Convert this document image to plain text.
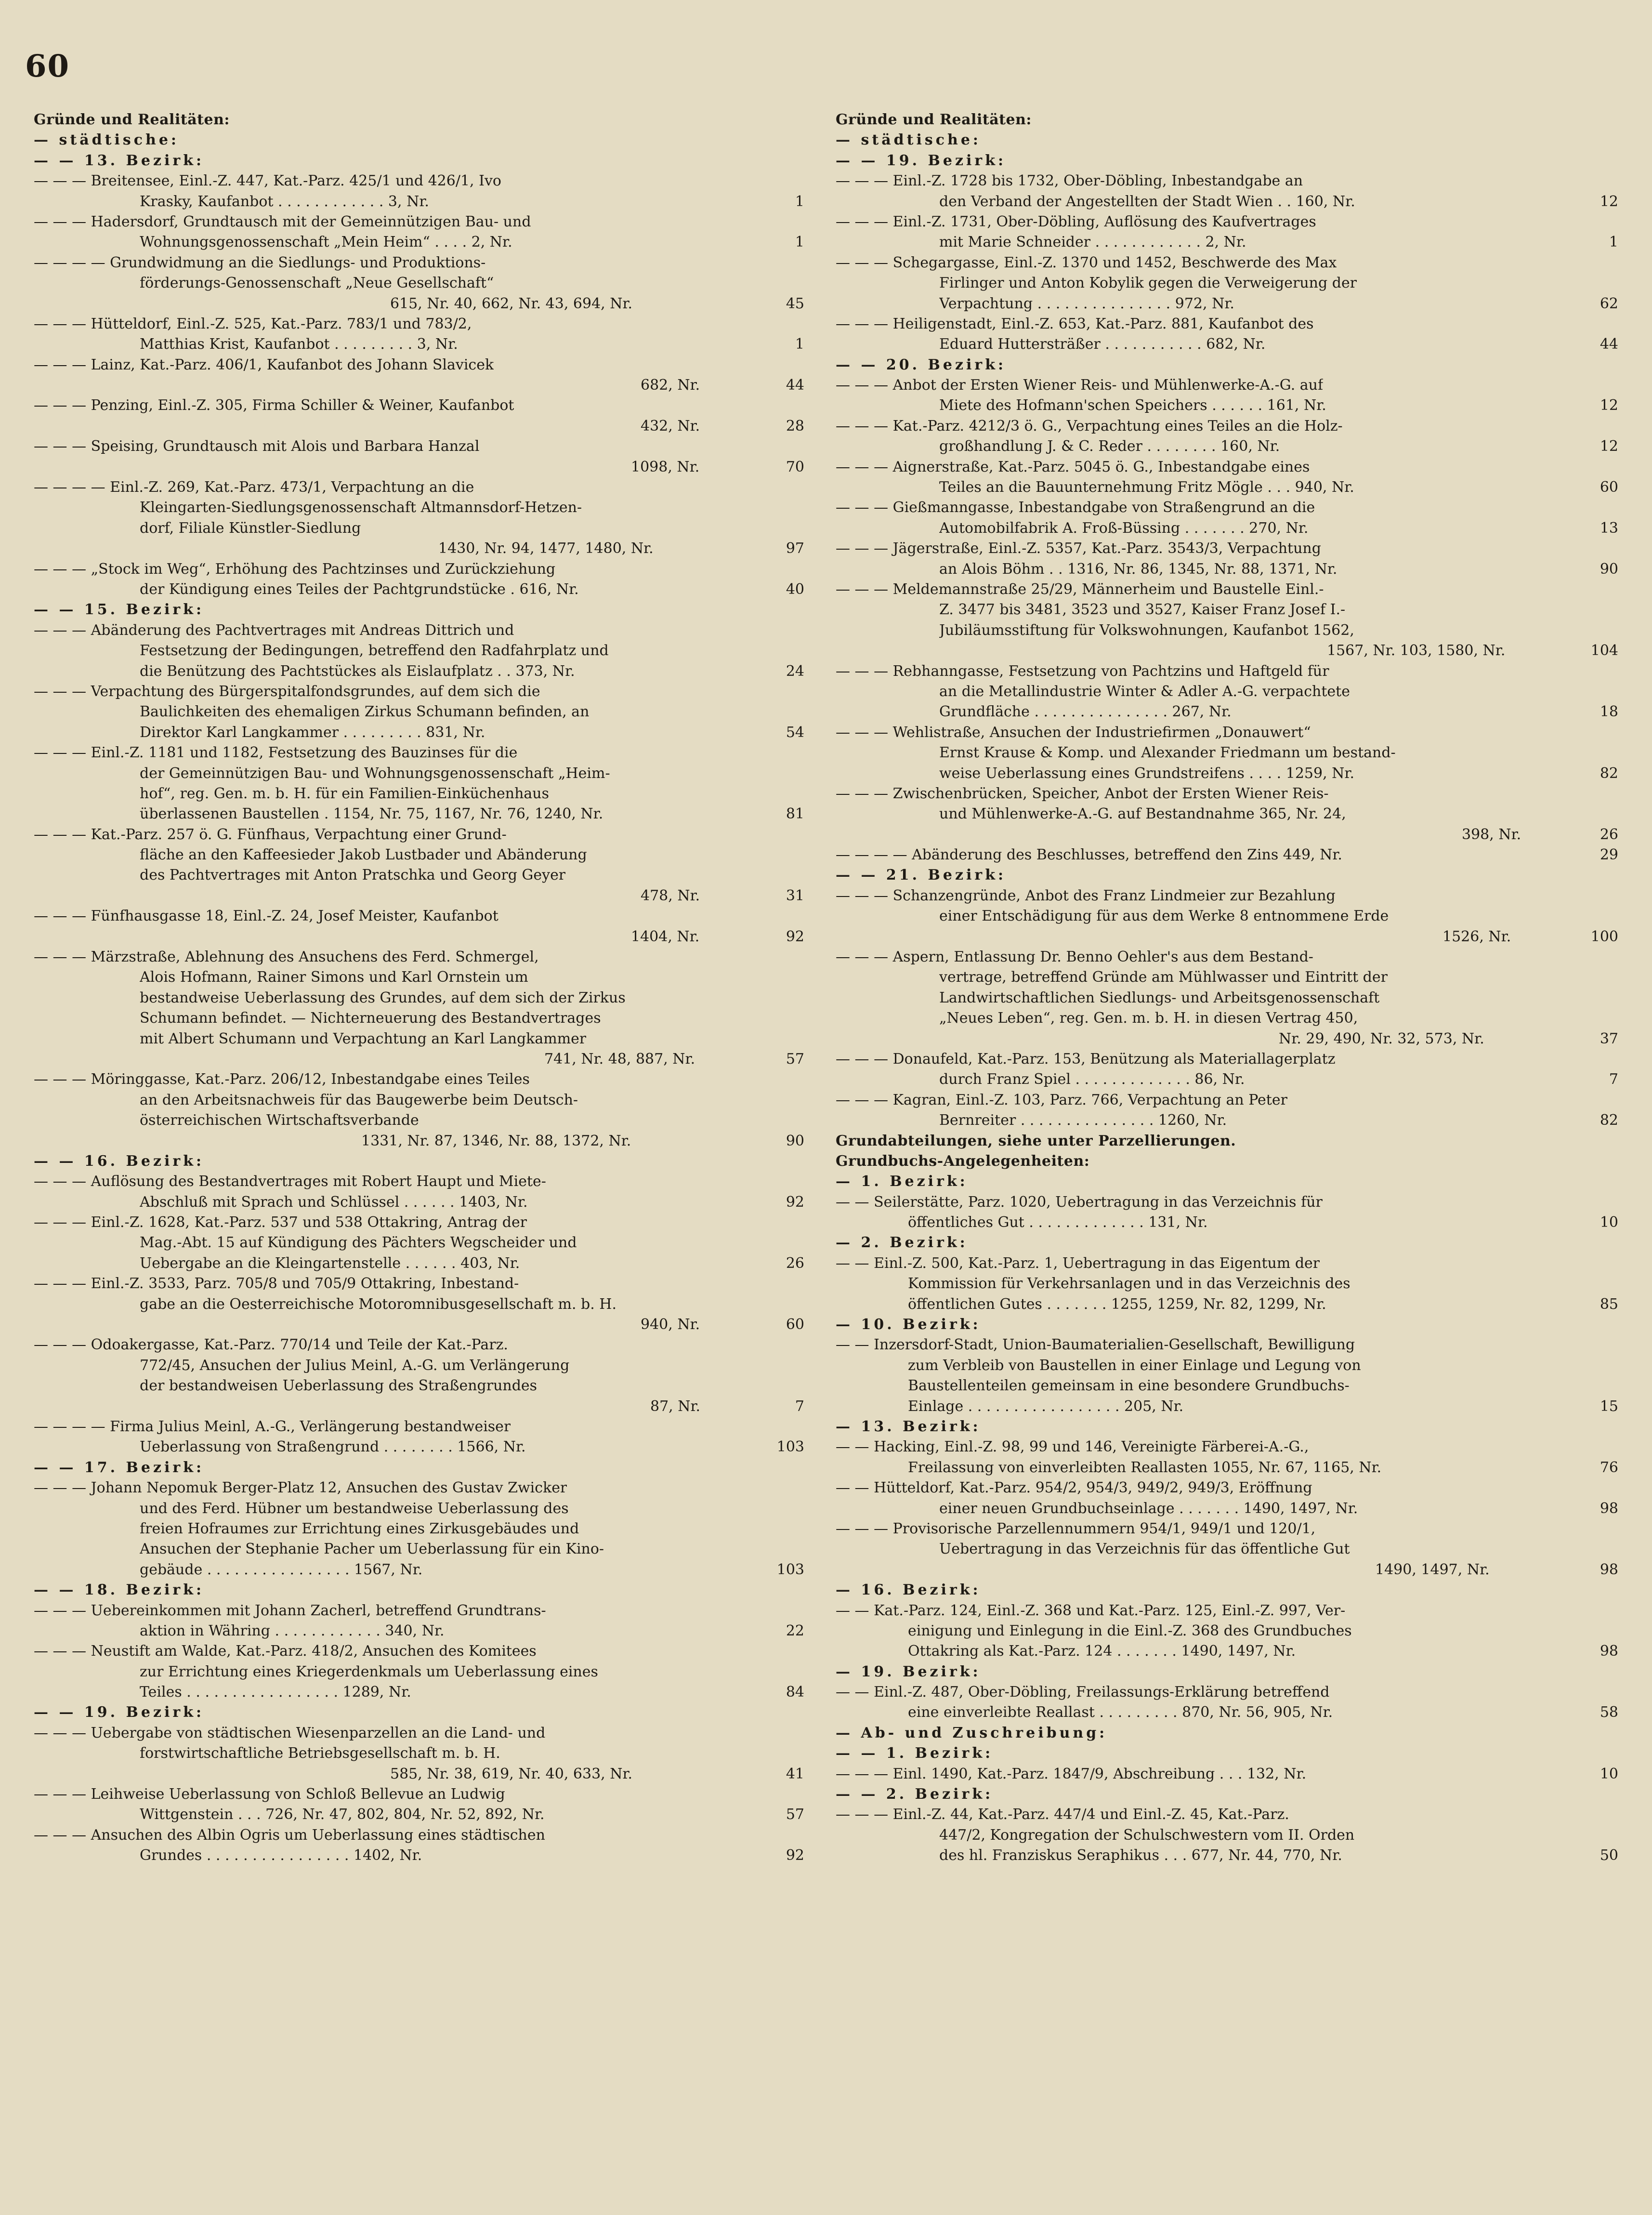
60
Gründe und Realitäten:
— städtische:
— — 13. Bezirk:
— — — Breitensee, Einl.-Z. 447, Kat.-Parz. 425/1 und 426/1, Ivo
Krasky, Kaufanbot . . . . . . . . . . . . 3, Nr.	1
— — — Hadersdorf, Grundtausch mit der Gemeinnützigen Bau- und
Wohnungsgenossenschaft „Mein Heim“ . . . . 2, Nr.	1
— — — — Grundwidmung an die Siedlungs- und Produktions-
förderungs-Genossenschaft „Neue Gesellschaft“
615, Nr. 40, 662, Nr. 43, 694, Nr.	45
— — — Hütteldorf, Einl.-Z. 525, Kat.-Parz. 783/1 und 783/2,
Matthias Krist, Kaufanbot . . . . . . . . . 3, Nr.	1
— — — Lainz, Kat.-Parz. 406/1, Kaufanbot des Johann Slavicek
682, Nr.	44
— — — Penzing, Einl.-Z. 305, Firma Schiller & Weiner, Kaufanbot
432, Nr.	28
— — — Speising, Grundtausch mit Alois und Barbara Hanzal
1098, Nr.	70
— — — — Einl.-Z. 269, Kat.-Parz. 473/1, Verpachtung an die
Kleingarten-Siedlungsgenossenschaft Altmannsdorf-Hetzen-
dorf, Filiale Künstler-Siedlung
1430, Nr. 94, 1477, 1480, Nr.	97
— — — „Stock im Weg“, Erhöhung des Pachtzinses und Zurückziehung
der Kündigung eines Teiles der Pachtgrundstücke . 616, Nr.	40
— — 15. Bezirk:
— — — Abänderung des Pachtvertrages mit Andreas Dittrich und
Festsetzung der Bedingungen, betreffend den Radfahrplatz und
die Benützung des Pachtstückes als Eislaufplatz . . 373, Nr.	24
— — — Verpachtung des Bürgerspitalfondsgrundes, auf dem sich die
Baulichkeiten des ehemaligen Zirkus Schumann befinden, an
Direktor Karl Langkammer . . . . . . . . . 831, Nr.	54
— — — Einl.-Z. 1181 und 1182, Festsetzung des Bauzinses für die
der Gemeinnützigen Bau- und Wohnungsgenossenschaft „Heim-
hof“, reg. Gen. m. b. H. für ein Familien-Einküchenhaus
überlassenen Baustellen . 1154, Nr. 75, 1167, Nr. 76, 1240, Nr.	81
— — — Kat.-Parz. 257 ö. G. Fünfhaus, Verpachtung einer Grund-
fläche an den Kaffeesieder Jakob Lustbader und Abänderung
des Pachtvertrages mit Anton Pratschka und Georg Geyer
478, Nr.	31
— — — Fünfhausgasse 18, Einl.-Z. 24, Josef Meister, Kaufanbot
1404, Nr.	92
— — — Märzstraße, Ablehnung des Ansuchens des Ferd. Schmergel,
Alois Hofmann, Rainer Simons und Karl Ornstein um
bestandweise Ueberlassung des Grundes, auf dem sich der Zirkus
Schumann befindet. — Nichterneuerung des Bestandvertrages
mit Albert Schumann und Verpachtung an Karl Langkammer
741, Nr. 48, 887, Nr.	57
— — — Möringgasse, Kat.-Parz. 206/12, Inbestandgabe eines Teiles
an den Arbeitsnachweis für das Baugewerbe beim Deutsch-
österreichischen Wirtschaftsverbande
1331, Nr. 87, 1346, Nr. 88, 1372, Nr.	90
— — 16. Bezirk:
— — — Auflösung des Bestandvertrages mit Robert Haupt und Miete-
Abschluß mit Sprach und Schlüssel . . . . . . 1403, Nr.	92
— — — Einl.-Z. 1628, Kat.-Parz. 537 und 538 Ottakring, Antrag der
Mag.-Abt. 15 auf Kündigung des Pächters Wegscheider und
Uebergabe an die Kleingartenstelle . . . . . . 403, Nr.	26
— — — Einl.-Z. 3533, Parz. 705/8 und 705/9 Ottakring, Inbestand-
gabe an die Oesterreichische Motoromnibusgesellschaft m. b. H.
940, Nr.	60
— — — Odoakergasse, Kat.-Parz. 770/14 und Teile der Kat.-Parz.
772/45, Ansuchen der Julius Meinl, A.-G. um Verlängerung
der bestandweisen Ueberlassung des Straßengrundes
87, Nr.	7
— — — — Firma Julius Meinl, A.-G., Verlängerung bestandweiser
Ueberlassung von Straßengrund . . . . . . . . 1566, Nr.	103
— — 17. Bezirk:
— — — Johann Nepomuk Berger-Platz 12, Ansuchen des Gustav Zwicker
und des Ferd. Hübner um bestandweise Ueberlassung des
freien Hofraumes zur Errichtung eines Zirkusgebäudes und
Ansuchen der Stephanie Pacher um Ueberlassung für ein Kino-
gebäude . . . . . . . . . . . . . . . . 1567, Nr.	103
— — 18. Bezirk:
— — — Uebereinkommen mit Johann Zacherl, betreffend Grundtrans-
aktion in Währing . . . . . . . . . . . . 340, Nr.	22
— — — Neustift am Walde, Kat.-Parz. 418/2, Ansuchen des Komitees
zur Errichtung eines Kriegerdenkmals um Ueberlassung eines
Teiles . . . . . . . . . . . . . . . . . 1289, Nr.	84
— — 19. Bezirk:
— — — Uebergabe von städtischen Wiesenparzellen an die Land- und
forstwirtschaftliche Betriebsgesellschaft m. b. H.
585, Nr. 38, 619, Nr. 40, 633, Nr.	41
— — — Leihweise Ueberlassung von Schloß Bellevue an Ludwig
Wittgenstein . . . 726, Nr. 47, 802, 804, Nr. 52, 892, Nr.	57
— — — Ansuchen des Albin Ogris um Ueberlassung eines städtischen
Grundes . . . . . . . . . . . . . . . . 1402, Nr.	92
Gründe und Realitäten:
— städtische:
— — 19. Bezirk:
— — — Einl.-Z. 1728 bis 1732, Ober-Döbling, Inbestandgabe an
den Verband der Angestellten der Stadt Wien . . 160, Nr.	12
— — — Einl.-Z. 1731, Ober-Döbling, Auflösung des Kaufvertrages
mit Marie Schneider . . . . . . . . . . . . 2, Nr.	1
— — — Schegargasse, Einl.-Z. 1370 und 1452, Beschwerde des Max
Firlinger und Anton Kobylik gegen die Verweigerung der
Verpachtung . . . . . . . . . . . . . . . 972, Nr.	62
— — — Heiligenstadt, Einl.-Z. 653, Kat.-Parz. 881, Kaufanbot des
Eduard Huttersträßer . . . . . . . . . . . 682, Nr.	44
— — 20. Bezirk:
— — — Anbot der Ersten Wiener Reis- und Mühlenwerke-A.-G. auf
Miete des Hofmann'schen Speichers . . . . . . 161, Nr.	12
— — — Kat.-Parz. 4212/3 ö. G., Verpachtung eines Teiles an die Holz-
großhandlung J. & C. Reder . . . . . . . . 160, Nr.	12
— — — Aignerstraße, Kat.-Parz. 5045 ö. G., Inbestandgabe eines
Teiles an die Bauunternehmung Fritz Mögle . . . 940, Nr.	60
— — — Gießmanngasse, Inbestandgabe von Straßengrund an die
Automobilfabrik A. Froß-Büssing . . . . . . . 270, Nr.	13
— — — Jägerstraße, Einl.-Z. 5357, Kat.-Parz. 3543/3, Verpachtung
an Alois Böhm . . 1316, Nr. 86, 1345, Nr. 88, 1371, Nr.	90
— — — Meldemannstraße 25/29, Männerheim und Baustelle Einl.-
Z. 3477 bis 3481, 3523 und 3527, Kaiser Franz Josef I.-
Jubiläumsstiftung für Volkswohnungen, Kaufanbot 1562,
1567, Nr. 103, 1580, Nr.	104
— — — Rebhanngasse, Festsetzung von Pachtzins und Haftgeld für
an die Metallindustrie Winter & Adler A.-G. verpachtete
Grundfläche . . . . . . . . . . . . . . . 267, Nr.	18
— — — Wehlistraße, Ansuchen der Industriefirmen „Donauwert“
Ernst Krause & Komp. und Alexander Friedmann um bestand-
weise Ueberlassung eines Grundstreifens . . . . 1259, Nr.	82
— — — Zwischenbrücken, Speicher, Anbot der Ersten Wiener Reis-
und Mühlenwerke-A.-G. auf Bestandnahme 365, Nr. 24,
398, Nr.	26
— — — — Abänderung des Beschlusses, betreffend den Zins 449, Nr.	29
— — 21. Bezirk:
— — — Schanzengründe, Anbot des Franz Lindmeier zur Bezahlung
einer Entschädigung für aus dem Werke 8 entnommene Erde
1526, Nr.	100
— — — Aspern, Entlassung Dr. Benno Oehler's aus dem Bestand-
vertrage, betreffend Gründe am Mühlwasser und Eintritt der
Landwirtschaftlichen Siedlungs- und Arbeitsgenossenschaft
„Neues Leben“, reg. Gen. m. b. H. in diesen Vertrag 450,
Nr. 29, 490, Nr. 32, 573, Nr.	37
— — — Donaufeld, Kat.-Parz. 153, Benützung als Materiallagerplatz
durch Franz Spiel . . . . . . . . . . . . . 86, Nr.	7
— — — Kagran, Einl.-Z. 103, Parz. 766, Verpachtung an Peter
Bernreiter . . . . . . . . . . . . . . . 1260, Nr.	82
Grundabteilungen, siehe unter Parzellierungen.
Grundbuchs-Angelegenheiten:
— 1. Bezirk:
— — Seilerstätte, Parz. 1020, Uebertragung in das Verzeichnis für
öffentliches Gut . . . . . . . . . . . . . 131, Nr.	10
— 2. Bezirk:
— — Einl.-Z. 500, Kat.-Parz. 1, Uebertragung in das Eigentum der
Kommission für Verkehrsanlagen und in das Verzeichnis des
öffentlichen Gutes . . . . . . . 1255, 1259, Nr. 82, 1299, Nr.	85
— 10. Bezirk:
— — Inzersdorf-Stadt, Union-Baumaterialien-Gesellschaft, Bewilligung
zum Verbleib von Baustellen in einer Einlage und Legung von
Baustellenteilen gemeinsam in eine besondere Grundbuchs-
Einlage . . . . . . . . . . . . . . . . . 205, Nr.	15
— 13. Bezirk:
— — Hacking, Einl.-Z. 98, 99 und 146, Vereinigte Färberei-A.-G.,
Freilassung von einverleibten Reallasten 1055, Nr. 67, 1165, Nr.	76
— — Hütteldorf, Kat.-Parz. 954/2, 954/3, 949/2, 949/3, Eröffnung
einer neuen Grundbuchseinlage . . . . . . . 1490, 1497, Nr.	98
— — — Provisorische Parzellennummern 954/1, 949/1 und 120/1,
Uebertragung in das Verzeichnis für das öffentliche Gut
1490, 1497, Nr.	98
— 16. Bezirk:
— — Kat.-Parz. 124, Einl.-Z. 368 und Kat.-Parz. 125, Einl.-Z. 997, Ver-
einigung und Einlegung in die Einl.-Z. 368 des Grundbuches
Ottakring als Kat.-Parz. 124 . . . . . . . 1490, 1497, Nr.	98
— 19. Bezirk:
— — Einl.-Z. 487, Ober-Döbling, Freilassungs-Erklärung betreffend
eine einverleibte Reallast . . . . . . . . . 870, Nr. 56, 905, Nr.	58
— Ab- und Zuschreibung:
— — 1. Bezirk:
— — — Einl. 1490, Kat.-Parz. 1847/9, Abschreibung . . . 132, Nr.	10
— — 2. Bezirk:
— — — Einl.-Z. 44, Kat.-Parz. 447/4 und Einl.-Z. 45, Kat.-Parz.
447/2, Kongregation der Schulschwestern vom II. Orden
des hl. Franziskus Seraphikus . . . 677, Nr. 44, 770, Nr.	50
